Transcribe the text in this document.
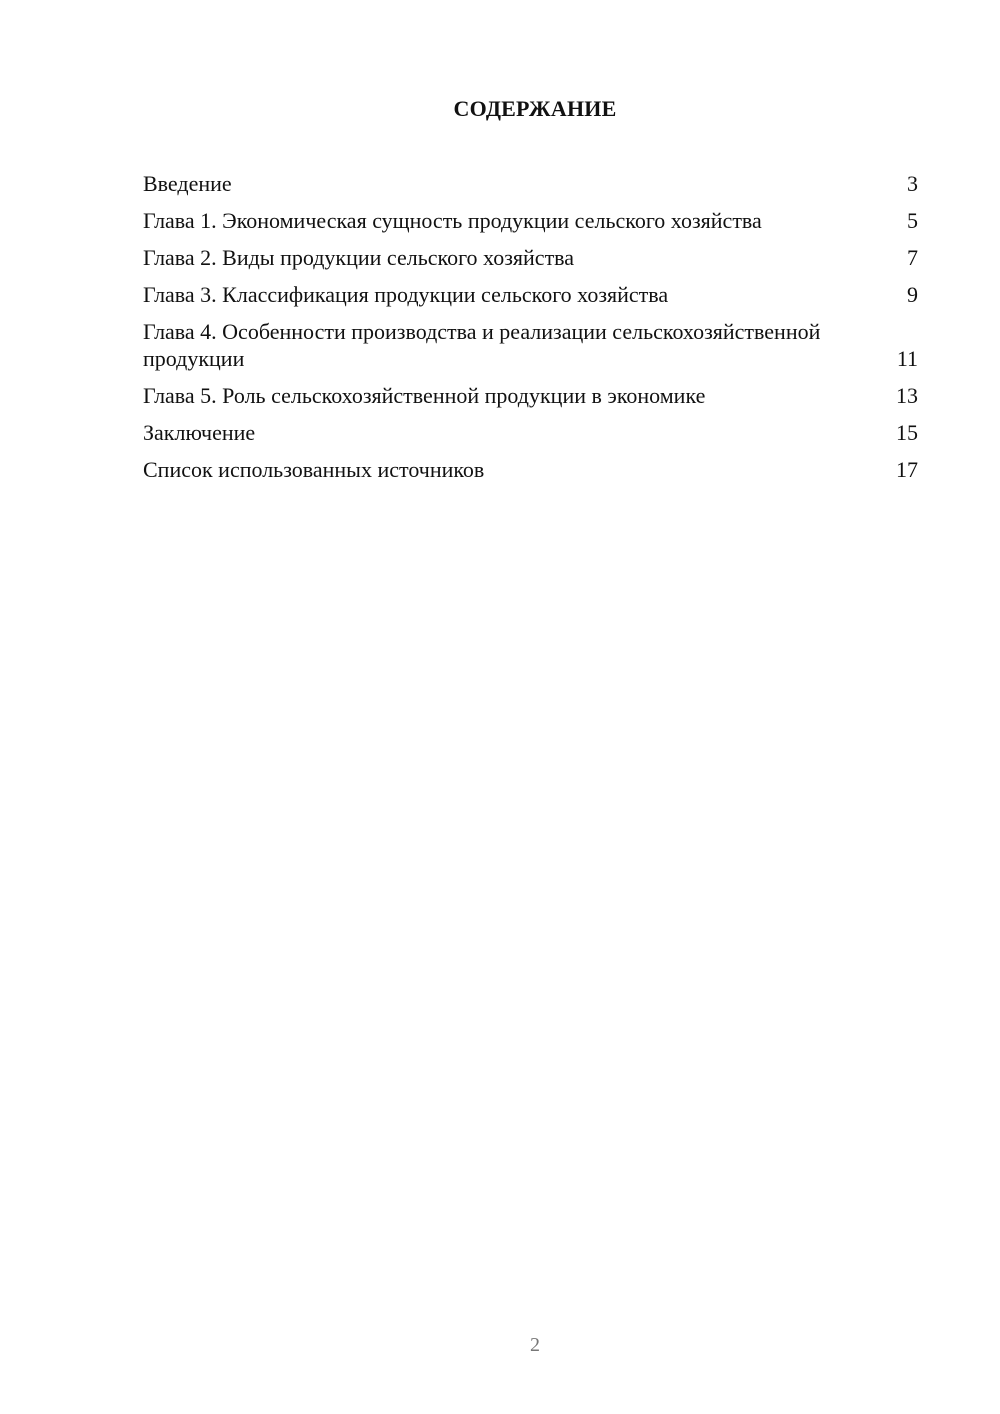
СОДЕРЖАНИЕ
Введение	3
Глава 1. Экономическая сущность продукции сельского хозяйства	5
Глава 2. Виды продукции сельского хозяйства	7
Глава 3. Классификация продукции сельского хозяйства	9
Глава 4. Особенности производства и реализации сельскохозяйственной продукции	11
Глава 5. Роль сельскохозяйственной продукции в экономике	13
Заключение	15
Список использованных источников	17
2
